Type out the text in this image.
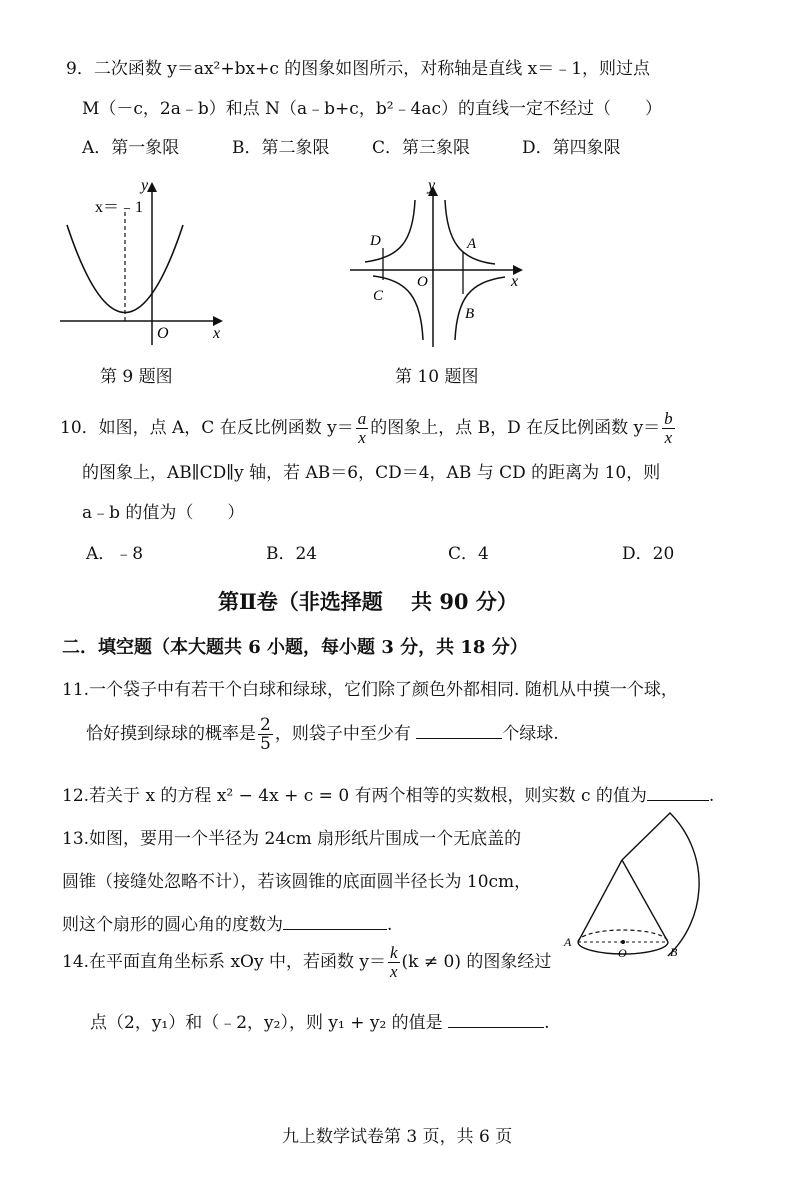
9．二次函数 y＝ax²+bx+c 的图象如图所示，对称轴是直线 x＝﹣1，则过点
M（－c，2a﹣b）和点 N（a﹣b+c，b²﹣4ac）的直线一定不经过（　　）
A．第一象限	B．第二象限	C．第三象限	D．第四象限
x＝﹣1
y
x
O
第 9 题图
y
x
O
A
B
C
D
第 10 题图
10．如图，点 A，C 在反比例函数 $y= \frac{a}{x}$ 的图象上，点 B，D 在反比例函数 $y= \frac{b}{x}$
的图象上，AB∥CD∥y 轴，若 AB＝6，CD＝4，AB 与 CD 的距离为 10，则
a﹣b 的值为（　　）
A．﹣8	B．24	C．4	D．20
第Ⅱ卷（非选择题　 共 90 分）
二．填空题（本大题共 6 小题，每小题 3 分，共 18 分）
11.一个袋子中有若干个白球和绿球，它们除了颜色外都相同. 随机从中摸一个球，
恰好摸到绿球的概率是 $\frac{2}{5}$ ，则袋子中至少有	个绿球.
12.若关于 x 的方程 x² − 4x + c = 0 有两个相等的实数根，则实数 c 的值为	.
13.如图，要用一个半径为 24cm 扇形纸片围成一个无底盖的
圆锥（接缝处忽略不计），若该圆锥的底面圆半径长为 10cm，
则这个扇形的圆心角的度数为	.
A
B
O
14.在平面直角坐标系 xOy 中，若函数 $y= \frac{k}{x} (k \ne 0)$ 的图象经过
点（2，y₁）和（﹣2，y₂），则 y₁ + y₂ 的值是	.
九上数学试卷第 3 页，共 6 页
